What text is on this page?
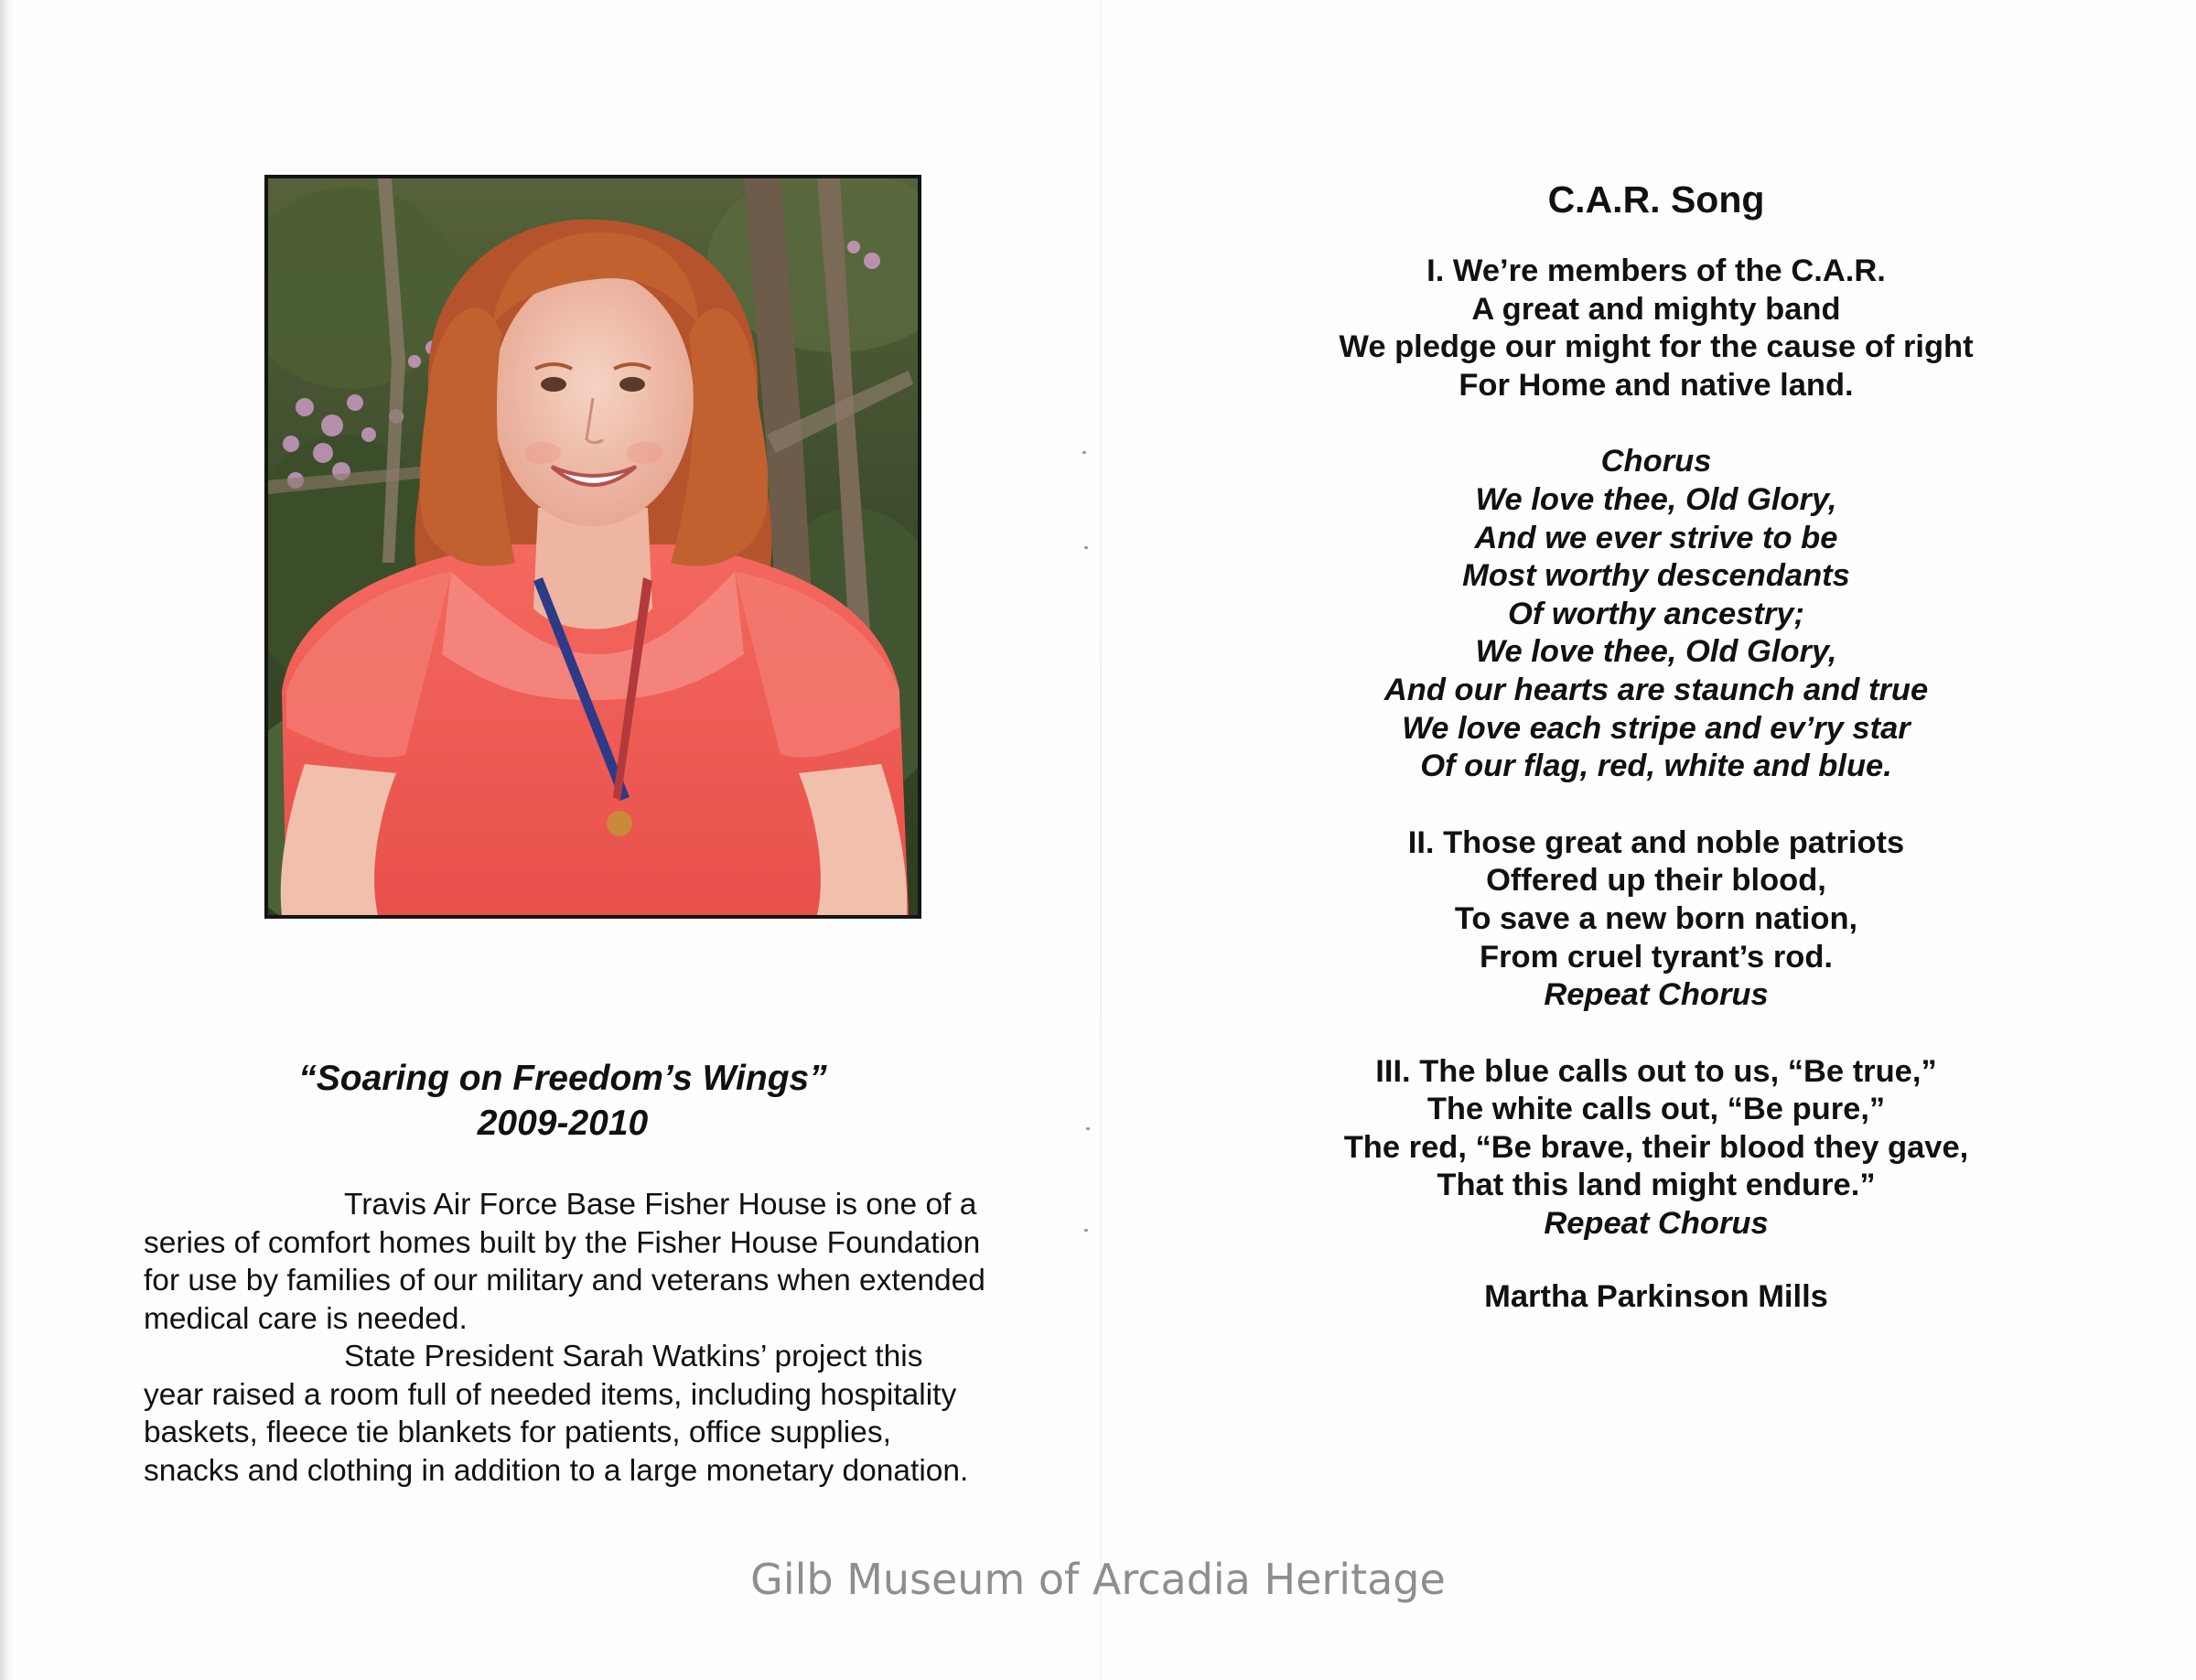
“Soaring on Freedom’s Wings”
2009-2010

Travis Air Force Base Fisher House is one of a series of comfort homes built by the Fisher House Foundation for use by families of our military and veterans when extended medical care is needed.

State President Sarah Watkins’ project this year raised a room full of needed items, including hospitality baskets, fleece tie blankets for patients, office supplies, snacks and clothing in addition to a large monetary donation.

C.A.R. Song
I. We’re members of the C.A.R.
A great and mighty band
We pledge our might for the cause of right
For Home and native land.
Chorus
We love thee, Old Glory,
And we ever strive to be
Most worthy descendants
Of worthy ancestry;
We love thee, Old Glory,
And our hearts are staunch and true
We love each stripe and ev’ry star
Of our flag, red, white and blue.
II. Those great and noble patriots
Offered up their blood,
To save a new born nation,
From cruel tyrant’s rod.
Repeat Chorus
III. The blue calls out to us, “Be true,”
The white calls out, “Be pure,”
The red, “Be brave, their blood they gave,
That this land might endure.”
Repeat Chorus
Martha Parkinson Mills
Gilb Museum of Arcadia Heritage
